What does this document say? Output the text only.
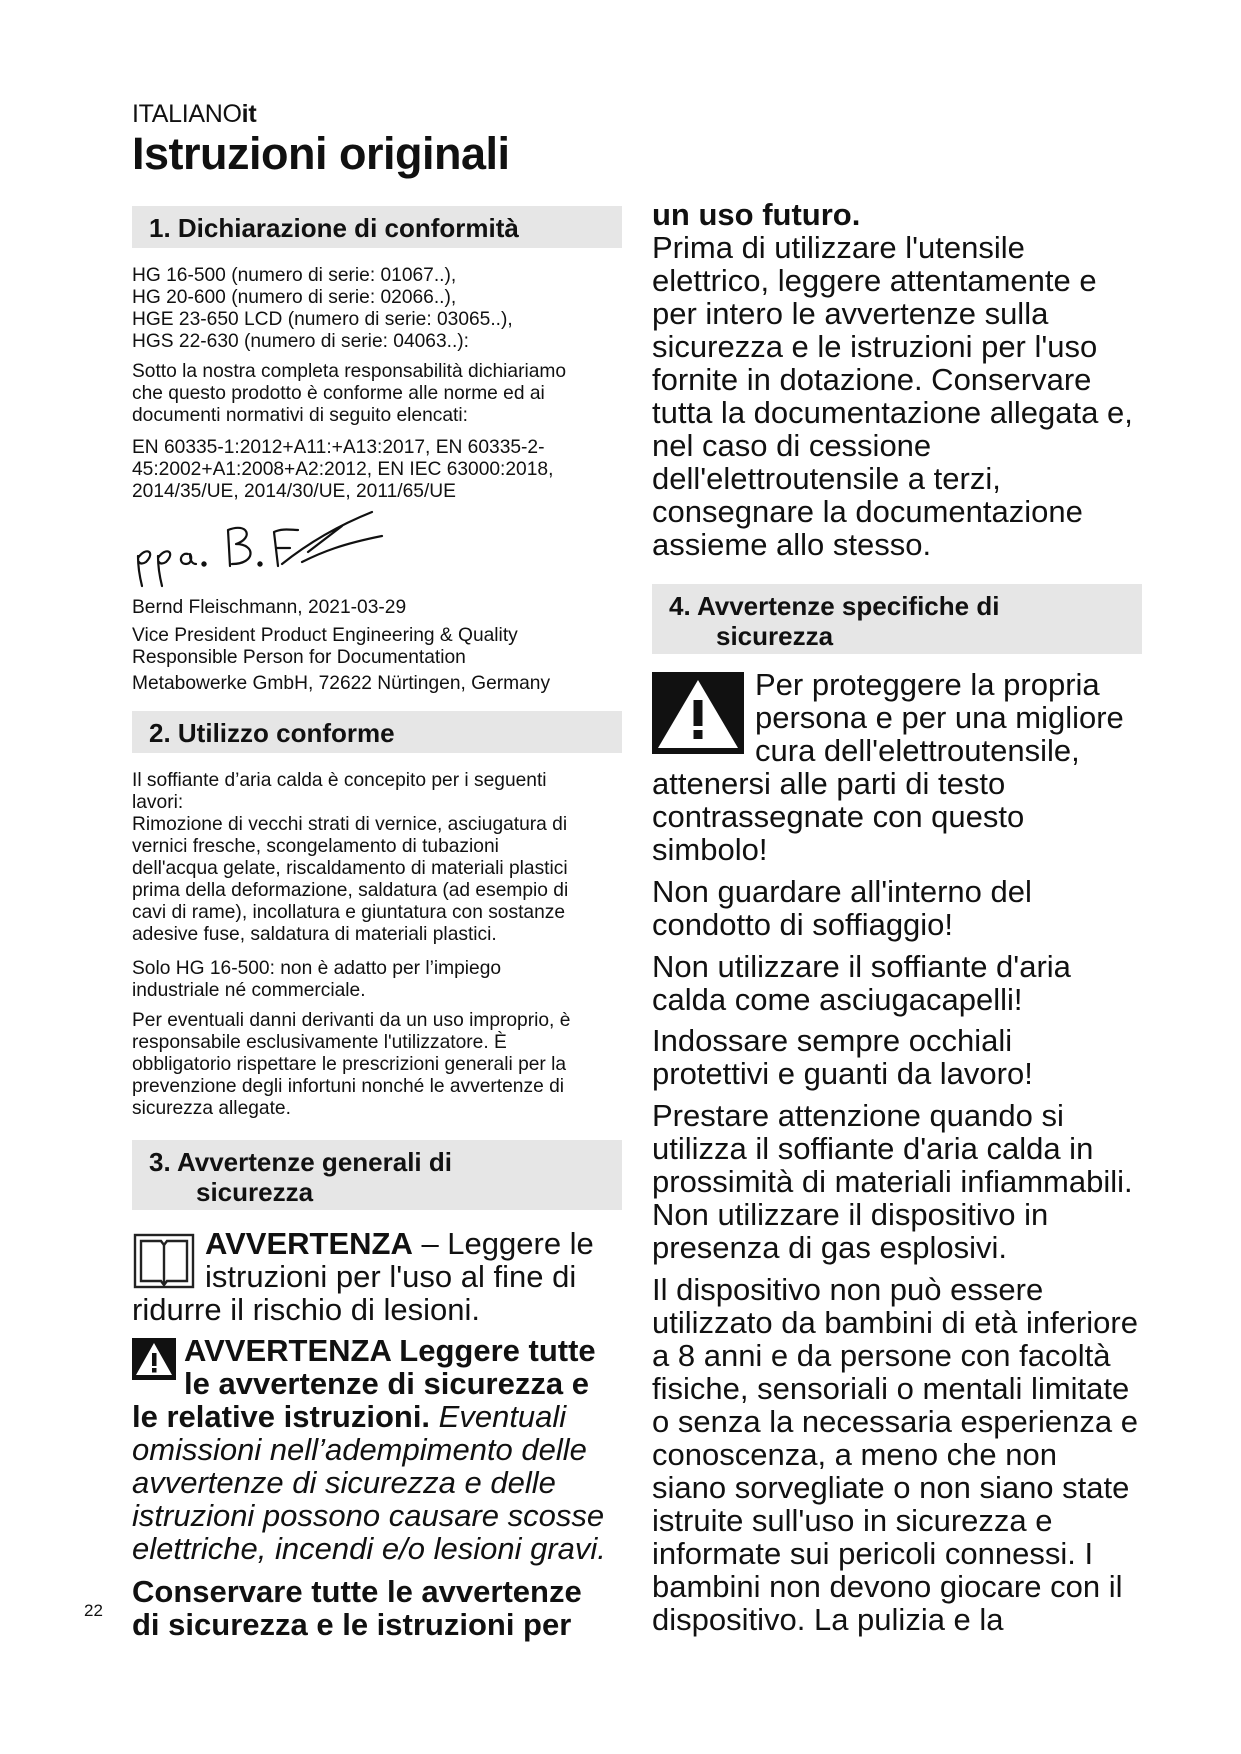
ITALIANOit
Istruzioni originali
1. Dichiarazione di conformità

HG 16-500 (numero di serie: 01067..),

HG 20-600 (numero di serie: 02066..),

HGE 23-650 LCD (numero di serie: 03065..),

HGS 22-630 (numero di serie: 04063..):

Sotto la nostra completa responsabilità dichiariamo

che questo prodotto è conforme alle norme ed ai

documenti normativi di seguito elencati:

EN 60335-1:2012+A11:+A13:2017, EN 60335-2-

45:2002+A1:2008+A2:2012, EN IEC 63000:2018,

2014/35/UE, 2014/30/UE, 2011/65/UE

Bernd Fleischmann, 2021-03-29

Vice President Product Engineering & Quality

Responsible Person for Documentation

Metabowerke GmbH, 72622 Nürtingen, Germany
2. Utilizzo conforme

Il soffiante d’aria calda è concepito per i seguenti

lavori:

Rimozione di vecchi strati di vernice, asciugatura di

vernici fresche, scongelamento di tubazioni

dell'acqua gelate, riscaldamento di materiali plastici

prima della deformazione, saldatura (ad esempio di

cavi di rame), incollatura e giuntatura con sostanze

adesive fuse, saldatura di materiali plastici.

Solo HG 16-500: non è adatto per l’impiego

industriale né commerciale.

Per eventuali danni derivanti da un uso improprio, è

responsabile esclusivamente l'utilizzatore. È

obbligatorio rispettare le prescrizioni generali per la

prevenzione degli infortuni nonché le avvertenze di

sicurezza allegate.

3. Avvertenze generali di
sicurezza
AVVERTENZA – Leggere le
istruzioni per l'uso al fine di
ridurre il rischio di lesioni.
AVVERTENZA Leggere tutte
le avvertenze di sicurezza e
le relative istruzioni. Eventuali
omissioni nell’adempimento delle
avvertenze di sicurezza e delle
istruzioni possono causare scosse
elettriche, incendi e/o lesioni gravi.
Conservare tutte le avvertenze
di sicurezza e le istruzioni per

un uso futuro.

Prima di utilizzare l'utensile

elettrico, leggere attentamente e

per intero le avvertenze sulla

sicurezza e le istruzioni per l'uso

fornite in dotazione. Conservare

tutta la documentazione allegata e,

nel caso di cessione

dell'elettroutensile a terzi,

consegnare la documentazione

assieme allo stesso.

4. Avvertenze specifiche di
sicurezza

Per proteggere la propria

persona e per una migliore

cura dell'elettroutensile,

attenersi alle parti di testo

contrassegnate con questo

simbolo!

Non guardare all'interno del

condotto di soffiaggio!

Non utilizzare il soffiante d'aria

calda come asciugacapelli!

Indossare sempre occhiali

protettivi e guanti da lavoro!

Prestare attenzione quando si

utilizza il soffiante d'aria calda in

prossimità di materiali infiammabili.

Non utilizzare il dispositivo in

presenza di gas esplosivi.

Il dispositivo non può essere

utilizzato da bambini di età inferiore

a 8 anni e da persone con facoltà

fisiche, sensoriali o mentali limitate

o senza la necessaria esperienza e

conoscenza, a meno che non

siano sorvegliate o non siano state

istruite sull'uso in sicurezza e

informate sui pericoli connessi. I

bambini non devono giocare con il

dispositivo. La pulizia e la

22
